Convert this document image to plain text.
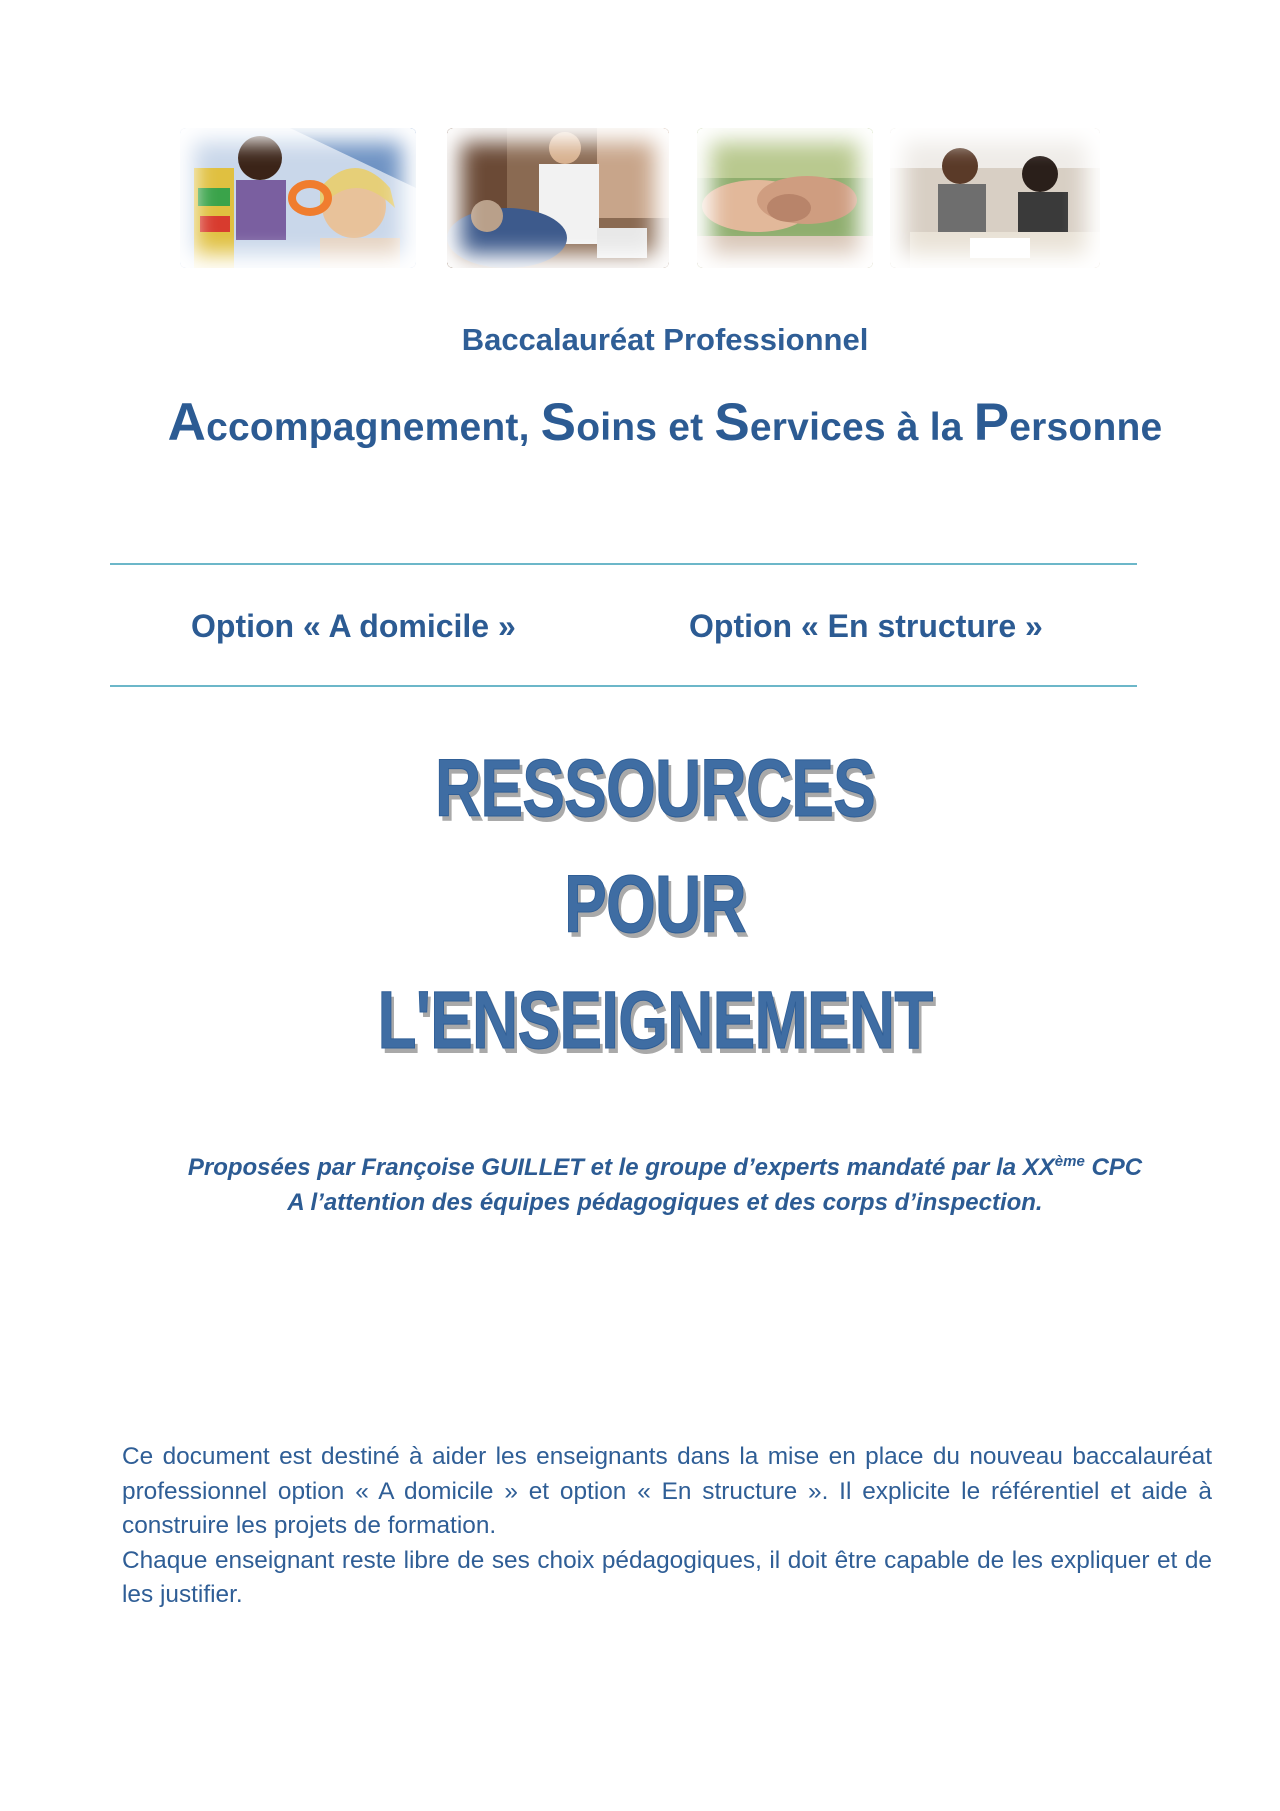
Baccalauréat Professionnel
Accompagnement, Soins et Services à la Personne
Option « A domicile »	Option « En structure »
RESSOURCES
POUR
L'ENSEIGNEMENT
Proposées par Françoise GUILLET et le groupe d’experts mandaté par la XXème CPC
A l’attention des équipes pédagogiques et des corps d’inspection.

Ce document est destiné à aider les enseignants dans la mise en place du nouveau baccalauréat professionnel option « A domicile » et option « En structure ». Il explicite le référentiel et aide à construire les projets de formation.

Chaque enseignant reste libre de ses choix pédagogiques, il doit être capable de les expliquer et de les justifier.
